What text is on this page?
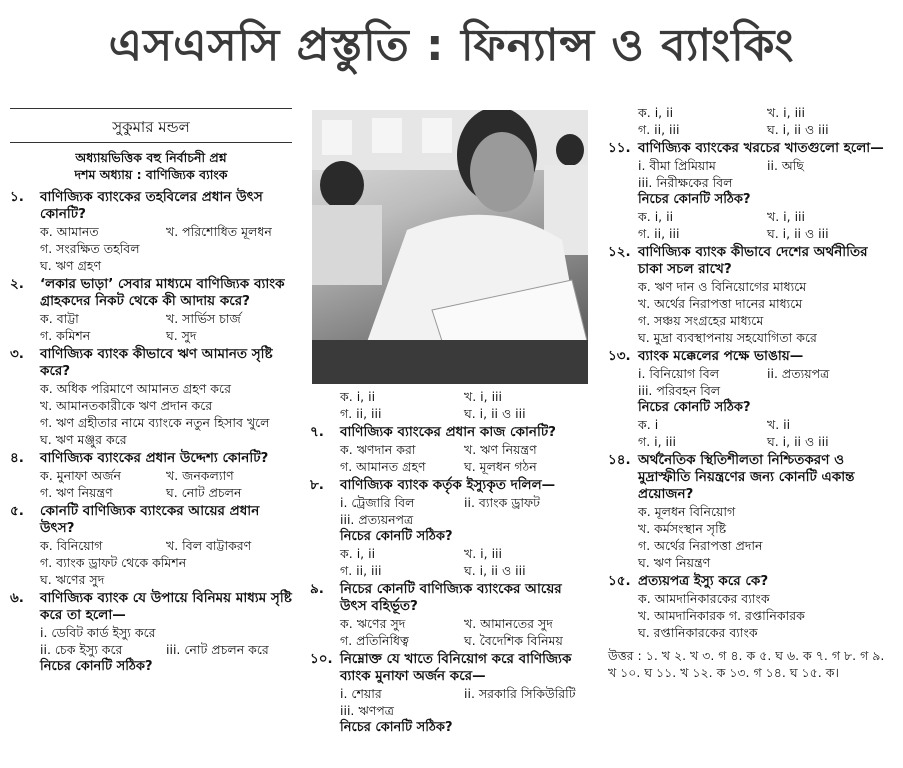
এসএসসি প্রস্তুতি : ফিন্যান্স ও ব্যাংকিং
সুকুমার মন্ডল
অধ্যায়ভিত্তিক বহু নির্বাচনী প্রশ্ন
দশম অধ্যায় : বাণিজ্যিক ব্যাংক
১.	বাণিজ্যিক ব্যাংকের তহবিলের প্রধান উৎস কোনটি?
ক. আমানত	খ. পরিশোধিত মূলধন
গ. সংরক্ষিত তহবিল
ঘ. ঋণ গ্রহণ
২.	‘লকার ভাড়া’ সেবার মাধ্যমে বাণিজ্যিক ব্যাংক গ্রাহকদের নিকট থেকে কী আদায় করে?
ক. বাট্টা	খ. সার্ভিস চার্জ
গ. কমিশন	ঘ. সুদ
৩.	বাণিজ্যিক ব্যাংক কীভাবে ঋণ আমানত সৃষ্টি করে?
ক. অধিক পরিমাণে আমানত গ্রহণ করে
খ. আমানতকারীকে ঋণ প্রদান করে
গ. ঋণ গ্রহীতার নামে ব্যাংকে নতুন হিসাব খুলে
ঘ. ঋণ মঞ্জুর করে
৪.	বাণিজ্যিক ব্যাংকের প্রধান উদ্দেশ্য কোনটি?
ক. মুনাফা অর্জন	খ. জনকল্যাণ
গ. ঋণ নিয়ন্ত্রণ	ঘ. নোট প্রচলন
৫.	কোনটি বাণিজ্যিক ব্যাংকের আয়ের প্রধান উৎস?
ক. বিনিয়োগ	খ. বিল বাট্টাকরণ
গ. ব্যাংক ড্রাফট থেকে কমিশন
ঘ. ঋণের সুদ
৬.	বাণিজ্যিক ব্যাংক যে উপায়ে বিনিময় মাধ্যম সৃষ্টি করে তা হলো—
i. ডেবিট কার্ড ইস্যু করে
ii. চেক ইস্যু করে	iii. নোট প্রচলন করে
নিচের কোনটি সঠিক?
ক. i, ii	খ. i, iii
গ. ii, iii	ঘ. i, ii ও iii
৭.	বাণিজ্যিক ব্যাংকের প্রধান কাজ কোনটি?
ক. ঋণদান করা	খ. ঋণ নিয়ন্ত্রণ
গ. আমানত গ্রহণ	ঘ. মূলধন গঠন
৮.	বাণিজ্যিক ব্যাংক কর্তৃক ইস্যুকৃত দলিল—
i. ট্রেজারি বিল	ii. ব্যাংক ড্রাফট
iii. প্রত্যয়নপত্র
নিচের কোনটি সঠিক?
ক. i, ii	খ. i, iii
গ. ii, iii	ঘ. i, ii ও iii
৯.	নিচের কোনটি বাণিজ্যিক ব্যাংকের আয়ের উৎস বহির্ভূত?
ক. ঋণের সুদ	খ. আমানতের সুদ
গ. প্রতিনিধিত্ব	ঘ. বৈদেশিক বিনিময়
১০. নিম্নোক্ত যে খাতে বিনিয়োগ করে বাণিজ্যিক ব্যাংক মুনাফা অর্জন করে—
i. শেয়ার	ii. সরকারি সিকিউরিটি
iii. ঋণপত্র
নিচের কোনটি সঠিক?
ক. i, ii	খ. i, iii
গ. ii, iii	ঘ. i, ii ও iii
১১. বাণিজ্যিক ব্যাংকের খরচের খাতগুলো হলো—
i. বীমা প্রিমিয়াম	ii. অছি
iii. নিরীক্ষকের বিল
নিচের কোনটি সঠিক?
ক. i, ii	খ. i, iii
গ. ii, iii	ঘ. i, ii ও iii
১২. বাণিজ্যিক ব্যাংক কীভাবে দেশের অর্থনীতির চাকা সচল রাখে?
ক. ঋণ দান ও বিনিয়োগের মাধ্যমে
খ. অর্থের নিরাপত্তা দানের মাধ্যমে
গ. সঞ্চয় সংগ্রহের মাধ্যমে
ঘ. মুদ্রা ব্যবস্থাপনায় সহযোগিতা করে
১৩. ব্যাংক মক্কেলের পক্ষে ভাঙায়—
i. বিনিয়োগ বিল	ii. প্রত্যয়পত্র
iii. পরিবহন বিল
নিচের কোনটি সঠিক?
ক. i	খ. ii
গ. i, iii	ঘ. i, ii ও iii
১৪. অর্থনৈতিক স্থিতিশীলতা নিশ্চিতকরণ ও মুদ্রাস্ফীতি নিয়ন্ত্রণের জন্য কোনটি একান্ত প্রয়োজন?
ক. মূলধন বিনিয়োগ
খ. কর্মসংস্থান সৃষ্টি
গ. অর্থের নিরাপত্তা প্রদান
ঘ. ঋণ নিয়ন্ত্রণ
১৫. প্রত্যয়পত্র ইস্যু করে কে?
ক. আমদানিকারকের ব্যাংক
খ. আমদানিকারক গ. রপ্তানিকারক
ঘ. রপ্তানিকারকের ব্যাংক
উত্তর : ১. খ ২. খ ৩. গ ৪. ক ৫. ঘ ৬. ক ৭. গ ৮. গ ৯. খ ১০. ঘ ১১. খ ১২. ক ১৩. গ ১৪. ঘ ১৫. ক।
